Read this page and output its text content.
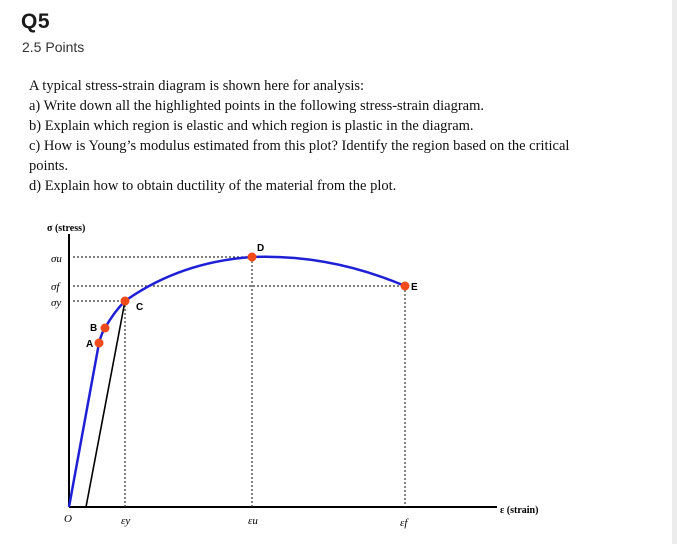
Q5
2.5 Points
A typical stress-strain diagram is shown here for analysis:
a) Write down all the highlighted points in the following stress-strain diagram.
b) Explain which region is elastic and which region is plastic in the diagram.
c) How is Young’s modulus estimated from this plot? Identify the region based on the critical
points.
d) Explain how to obtain ductility of the material from the plot.
A
B
C
D
E
σ (stress)
ε (strain)
σu
σf
σy
O	εy	εu	εf
